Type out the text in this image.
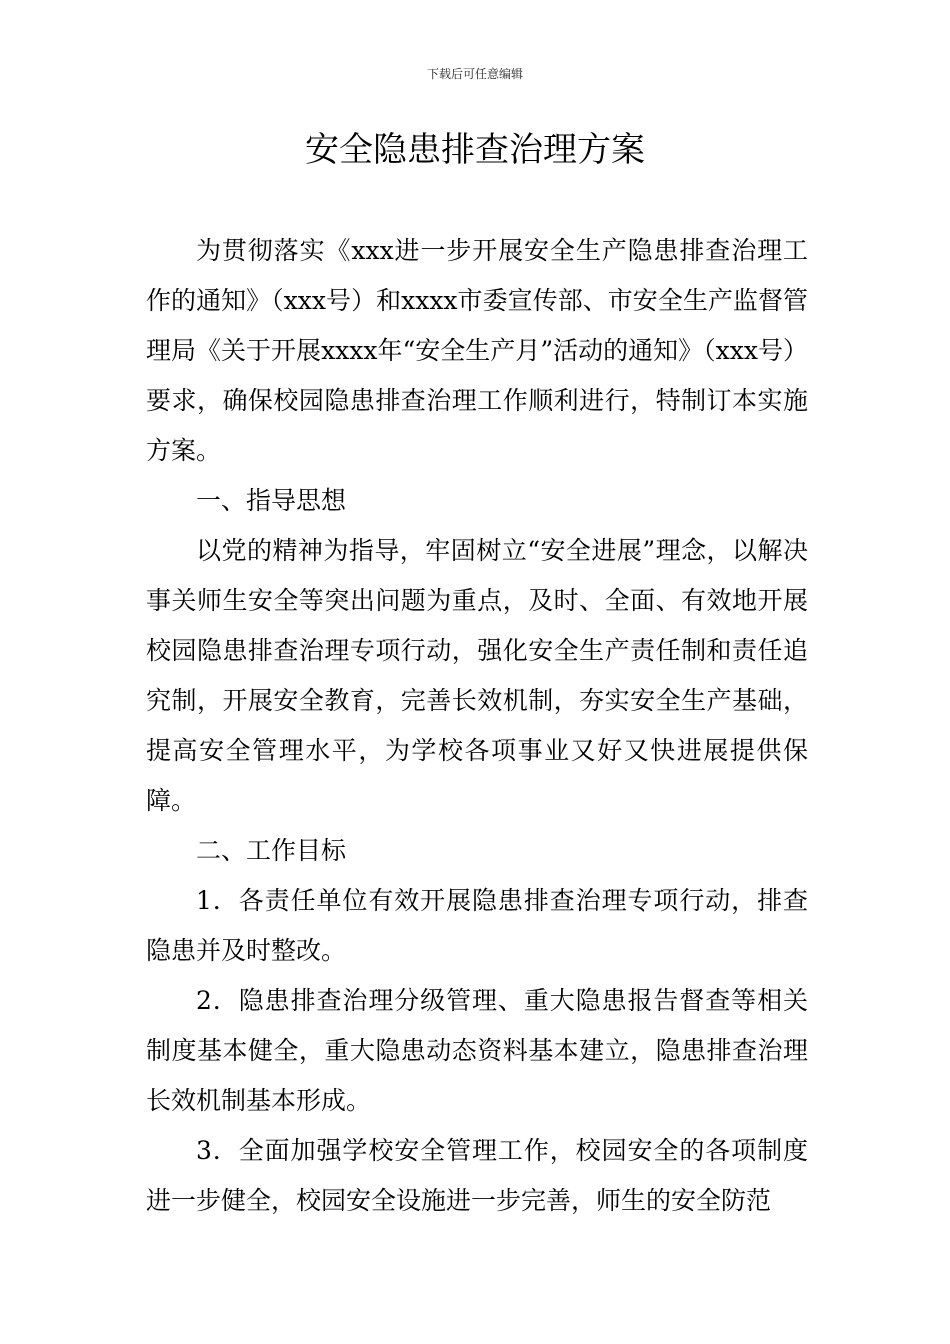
下载后可任意编辑
安全隐患排查治理方案

为贯彻落实《xxx进一步开展安全生产隐患排查治理工作的通知》（xxx号）和xxxx市委宣传部、市安全生产监督管理局《关于开展xxxx年“安全生产月”活动的通知》（xxx号）要求，确保校园隐患排查治理工作顺利进行，特制订本实施方案。

一、指导思想

以党的精神为指导，牢固树立“安全进展”理念，以解决事关师生安全等突出问题为重点，及时、全面、有效地开展校园隐患排查治理专项行动，强化安全生产责任制和责任追究制，开展安全教育，完善长效机制，夯实安全生产基础，提高安全管理水平，为学校各项事业又好又快进展提供保障。

二、工作目标

1．各责任单位有效开展隐患排查治理专项行动，排查隐患并及时整改。

2．隐患排查治理分级管理、重大隐患报告督查等相关制度基本健全，重大隐患动态资料基本建立，隐患排查治理长效机制基本形成。

3．全面加强学校安全管理工作，校园安全的各项制度进一步健全，校园安全设施进一步完善，师生的安全防范
